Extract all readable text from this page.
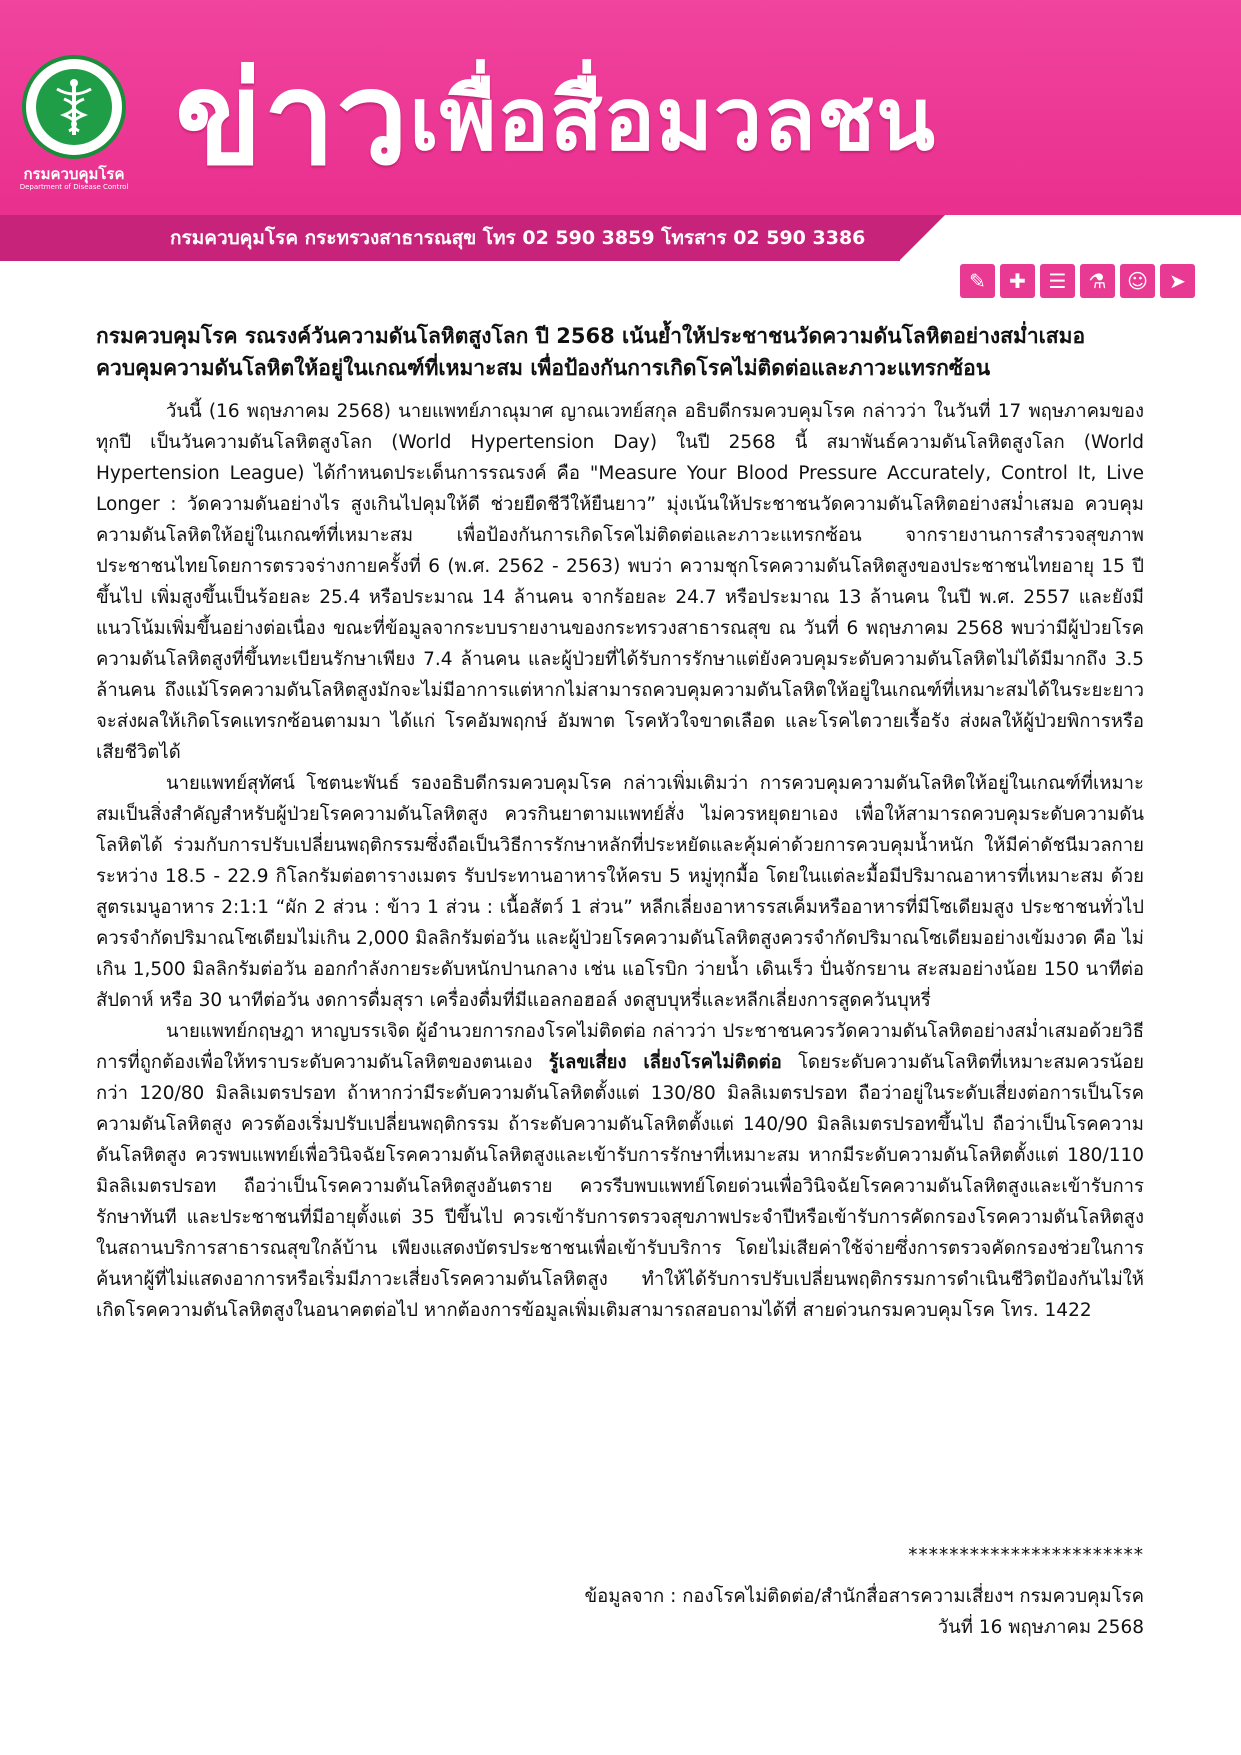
กรมควบคุมโรค
Department of Disease Control ข่าวเพื่อสื่อมวลชน
กรมควบคุมโรค กระทรวงสาธารณสุข โทร 02 590 3859 โทรสาร 02 590 3386
✎	✚	☰	⚗	☺	➤
กรมควบคุมโรค รณรงค์วันความดันโลหิตสูงโลก ปี 2568 เน้นย้ำให้ประชาชนวัดความดันโลหิตอย่างสม่ำเสมอ ควบคุมความดันโลหิตให้อยู่ในเกณฑ์ที่เหมาะสม เพื่อป้องกันการเกิดโรคไม่ติดต่อและภาวะแทรกซ้อน

วันนี้ (16 พฤษภาคม 2568) นายแพทย์ภาณุมาศ ญาณเวทย์สกุล อธิบดีกรมควบคุมโรค กล่าวว่า ในวันที่ 17 พฤษภาคมของทุกปี เป็นวันความดันโลหิตสูงโลก (World Hypertension Day) ในปี 2568 นี้ สมาพันธ์ความดันโลหิตสูงโลก (World Hypertension League) ได้กำหนดประเด็นการรณรงค์ คือ "Measure Your Blood Pressure Accurately, Control It, Live Longer : วัดความดันอย่างไร สูงเกินไปคุมให้ดี ช่วยยืดชีวีให้ยืนยาว” มุ่งเน้นให้ประชาชนวัดความดันโลหิตอย่างสม่ำเสมอ ควบคุมความดันโลหิตให้อยู่ในเกณฑ์ที่เหมาะสม เพื่อป้องกันการเกิดโรคไม่ติดต่อและภาวะแทรกซ้อน จากรายงานการสำรวจสุขภาพประชาชนไทยโดยการตรวจร่างกายครั้งที่ 6 (พ.ศ. 2562 - 2563) พบว่า ความชุกโรคความดันโลหิตสูงของประชาชนไทยอายุ 15 ปีขึ้นไป เพิ่มสูงขึ้นเป็นร้อยละ 25.4 หรือประมาณ 14 ล้านคน จากร้อยละ 24.7 หรือประมาณ 13 ล้านคน ในปี พ.ศ. 2557 และยังมีแนวโน้มเพิ่มขึ้นอย่างต่อเนื่อง ขณะที่ข้อมูลจากระบบรายงานของกระทรวงสาธารณสุข ณ วันที่ 6 พฤษภาคม 2568 พบว่ามีผู้ป่วยโรคความดันโลหิตสูงที่ขึ้นทะเบียนรักษาเพียง 7.4 ล้านคน และผู้ป่วยที่ได้รับการรักษาแต่ยังควบคุมระดับความดันโลหิตไม่ได้มีมากถึง 3.5 ล้านคน ถึงแม้โรคความดันโลหิตสูงมักจะไม่มีอาการแต่หากไม่สามารถควบคุมความดันโลหิตให้อยู่ในเกณฑ์ที่เหมาะสมได้ในระยะยาวจะส่งผลให้เกิดโรคแทรกซ้อนตามมา ได้แก่ โรคอัมพฤกษ์ อัมพาต โรคหัวใจขาดเลือด และโรคไตวายเรื้อรัง ส่งผลให้ผู้ป่วยพิการหรือเสียชีวิตได้

นายแพทย์สุทัศน์ โชตนะพันธ์ รองอธิบดีกรมควบคุมโรค กล่าวเพิ่มเติมว่า การควบคุมความดันโลหิตให้อยู่ในเกณฑ์ที่เหมาะสมเป็นสิ่งสำคัญสำหรับผู้ป่วยโรคความดันโลหิตสูง ควรกินยาตามแพทย์สั่ง ไม่ควรหยุดยาเอง เพื่อให้สามารถควบคุมระดับความดันโลหิตได้ ร่วมกับการปรับเปลี่ยนพฤติกรรมซึ่งถือเป็นวิธีการรักษาหลักที่ประหยัดและคุ้มค่าด้วยการควบคุมน้ำหนัก ให้มีค่าดัชนีมวลกาย ระหว่าง 18.5 - 22.9 กิโลกรัมต่อตารางเมตร รับประทานอาหารให้ครบ 5 หมู่ทุกมื้อ โดยในแต่ละมื้อมีปริมาณอาหารที่เหมาะสม ด้วยสูตรเมนูอาหาร 2:1:1 “ผัก 2 ส่วน : ข้าว 1 ส่วน : เนื้อสัตว์ 1 ส่วน” หลีกเลี่ยงอาหารรสเค็มหรืออาหารที่มีโซเดียมสูง ประชาชนทั่วไปควรจำกัดปริมาณโซเดียมไม่เกิน 2,000 มิลลิกรัมต่อวัน และผู้ป่วยโรคความดันโลหิตสูงควรจำกัดปริมาณโซเดียมอย่างเข้มงวด คือ ไม่เกิน 1,500 มิลลิกรัมต่อวัน ออกกำลังกายระดับหนักปานกลาง เช่น แอโรบิก ว่ายน้ำ เดินเร็ว ปั่นจักรยาน สะสมอย่างน้อย 150 นาทีต่อสัปดาห์ หรือ 30 นาทีต่อวัน งดการดื่มสุรา เครื่องดื่มที่มีแอลกอฮอล์ งดสูบบุหรี่และหลีกเลี่ยงการสูดควันบุหรี่

นายแพทย์กฤษฎา หาญบรรเจิด ผู้อำนวยการกองโรคไม่ติดต่อ กล่าวว่า ประชาชนควรวัดความดันโลหิตอย่างสม่ำเสมอด้วยวิธีการที่ถูกต้องเพื่อให้ทราบระดับความดันโลหิตของตนเอง รู้เลขเสี่ยง เลี่ยงโรคไม่ติดต่อ โดยระดับความดันโลหิตที่เหมาะสมควรน้อยกว่า 120/80 มิลลิเมตรปรอท ถ้าหากว่ามีระดับความดันโลหิตตั้งแต่ 130/80 มิลลิเมตรปรอท ถือว่าอยู่ในระดับเสี่ยงต่อการเป็นโรคความดันโลหิตสูง ควรต้องเริ่มปรับเปลี่ยนพฤติกรรม ถ้าระดับความดันโลหิตตั้งแต่ 140/90 มิลลิเมตรปรอทขึ้นไป ถือว่าเป็นโรคความดันโลหิตสูง ควรพบแพทย์เพื่อวินิจฉัยโรคความดันโลหิตสูงและเข้ารับการรักษาที่เหมาะสม หากมีระดับความดันโลหิตตั้งแต่ 180/110 มิลลิเมตรปรอท ถือว่าเป็นโรคความดันโลหิตสูงอันตราย ควรรีบพบแพทย์โดยด่วนเพื่อวินิจฉัยโรคความดันโลหิตสูงและเข้ารับการรักษาทันที และประชาชนที่มีอายุตั้งแต่ 35 ปีขึ้นไป ควรเข้ารับการตรวจสุขภาพประจำปีหรือเข้ารับการคัดกรองโรคความดันโลหิตสูงในสถานบริการสาธารณสุขใกล้บ้าน เพียงแสดงบัตรประชาชนเพื่อเข้ารับบริการ โดยไม่เสียค่าใช้จ่ายซึ่งการตรวจคัดกรองช่วยในการค้นหาผู้ที่ไม่แสดงอาการหรือเริ่มมีภาวะเสี่ยงโรคความดันโลหิตสูง ทำให้ได้รับการปรับเปลี่ยนพฤติกรรมการดำเนินชีวิตป้องกันไม่ให้เกิดโรคความดันโลหิตสูงในอนาคตต่อไป หากต้องการข้อมูลเพิ่มเติมสามารถสอบถามได้ที่ สายด่วนกรมควบคุมโรค โทร. 1422

***********************
ข้อมูลจาก : กองโรคไม่ติดต่อ/สำนักสื่อสารความเสี่ยงฯ กรมควบคุมโรค
วันที่ 16 พฤษภาคม 2568
